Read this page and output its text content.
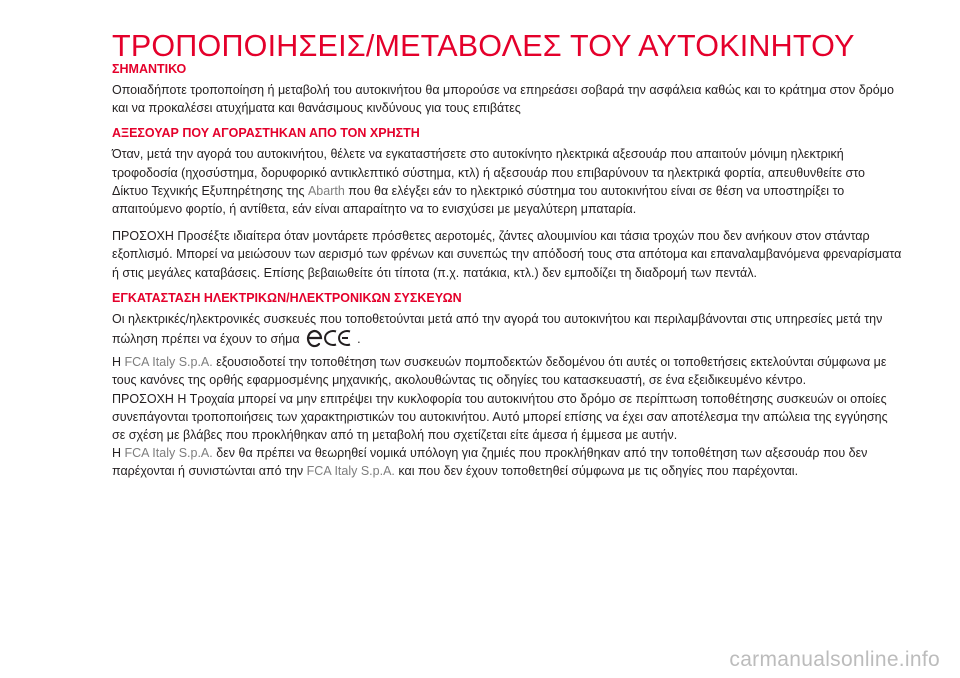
ΤΡΟΠΟΠΟΙΗΣΕΙΣ/ΜΕΤΑΒΟΛΕΣ ΤΟΥ ΑΥΤΟΚΙΝΗΤΟΥ
ΣΗΜΑΝΤΙΚΟ

Οποιαδήποτε τροποποίηση ή μεταβολή του αυτοκινήτου θα μπορούσε να επηρεάσει σοβαρά την ασφάλεια καθώς και το κράτημα στον δρόμο και να προκαλέσει ατυχήματα και θανάσιμους κινδύνους για τους επιβάτες

ΑΞΕΣΟΥΑΡ ΠΟΥ ΑΓΟΡΑΣΤΗΚΑΝ ΑΠΟ ΤΟΝ ΧΡΗΣΤΗ

Όταν, μετά την αγορά του αυτοκινήτου, θέλετε να εγκαταστήσετε στο αυτοκίνητο ηλεκτρικά αξεσουάρ που απαιτούν μόνιμη ηλεκτρική τροφοδοσία (ηχοσύστημα, δορυφορικό αντικλεπτικό σύστημα, κτλ) ή αξεσουάρ που επιβαρύνουν τα ηλεκτρικά φορτία, απευθυνθείτε στο Δίκτυο Τεχνικής Εξυπηρέτησης της Abarth που θα ελέγξει εάν το ηλεκτρικό σύστημα του αυτοκινήτου είναι σε θέση να υποστηρίξει το απαιτούμενο φορτίο, ή αντίθετα, εάν είναι απαραίτητο να το ενισχύσει με μεγαλύτερη μπαταρία.

ΠΡΟΣΟΧΗ Προσέξτε ιδιαίτερα όταν μοντάρετε πρόσθετες αεροτομές, ζάντες αλουμινίου και τάσια τροχών που δεν ανήκουν στον στάνταρ εξοπλισμό. Μπορεί να μειώσουν των αερισμό των φρένων και συνεπώς την απόδοσή τους στα απότομα και επαναλαμβανόμενα φρεναρίσματα ή στις μεγάλες καταβάσεις. Επίσης βεβαιωθείτε ότι τίποτα (π.χ. πατάκια, κτλ.) δεν εμποδίζει τη διαδρομή των πεντάλ.

ΕΓΚΑΤΑΣΤΑΣΗ ΗΛΕΚΤΡΙΚΩΝ/ΗΛΕΚΤΡΟΝΙΚΩΝ ΣΥΣΚΕΥΩΝ

Οι ηλεκτρικές/ηλεκτρονικές συσκευές που τοποθετούνται μετά από την αγορά του αυτοκινήτου και περιλαμβάνονται στις υπηρεσίες μετά την πώληση πρέπει να έχουν το σήμα	.

Η FCA Italy S.p.A. εξουσιοδοτεί την τοποθέτηση των συσκευών πομποδεκτών δεδομένου ότι αυτές οι τοποθετήσεις εκτελούνται σύμφωνα με τους κανόνες της ορθής εφαρμοσμένης μηχανικής, ακολουθώντας τις οδηγίες του κατασκευαστή, σε ένα εξειδικευμένο κέντρο.

ΠΡΟΣΟΧΗ Η Τροχαία μπορεί να μην επιτρέψει την κυκλοφορία του αυτοκινήτου στο δρόμο σε περίπτωση τοποθέτησης συσκευών οι οποίες συνεπάγονται τροποποιήσεις των χαρακτηριστικών του αυτοκινήτου. Αυτό μπορεί επίσης να έχει σαν αποτέλεσμα την απώλεια της εγγύησης σε σχέση με βλάβες που προκλήθηκαν από τη μεταβολή που σχετίζεται είτε άμεσα ή έμμεσα με αυτήν.

Η FCA Italy S.p.A. δεν θα πρέπει να θεωρηθεί νομικά υπόλογη για ζημιές που προκλήθηκαν από την τοποθέτηση των αξεσουάρ που δεν παρέχονται ή συνιστώνται από την FCA Italy S.p.A. και που δεν έχουν τοποθετηθεί σύμφωνα με τις οδηγίες που παρέχονται.

carmanualsonline.info
